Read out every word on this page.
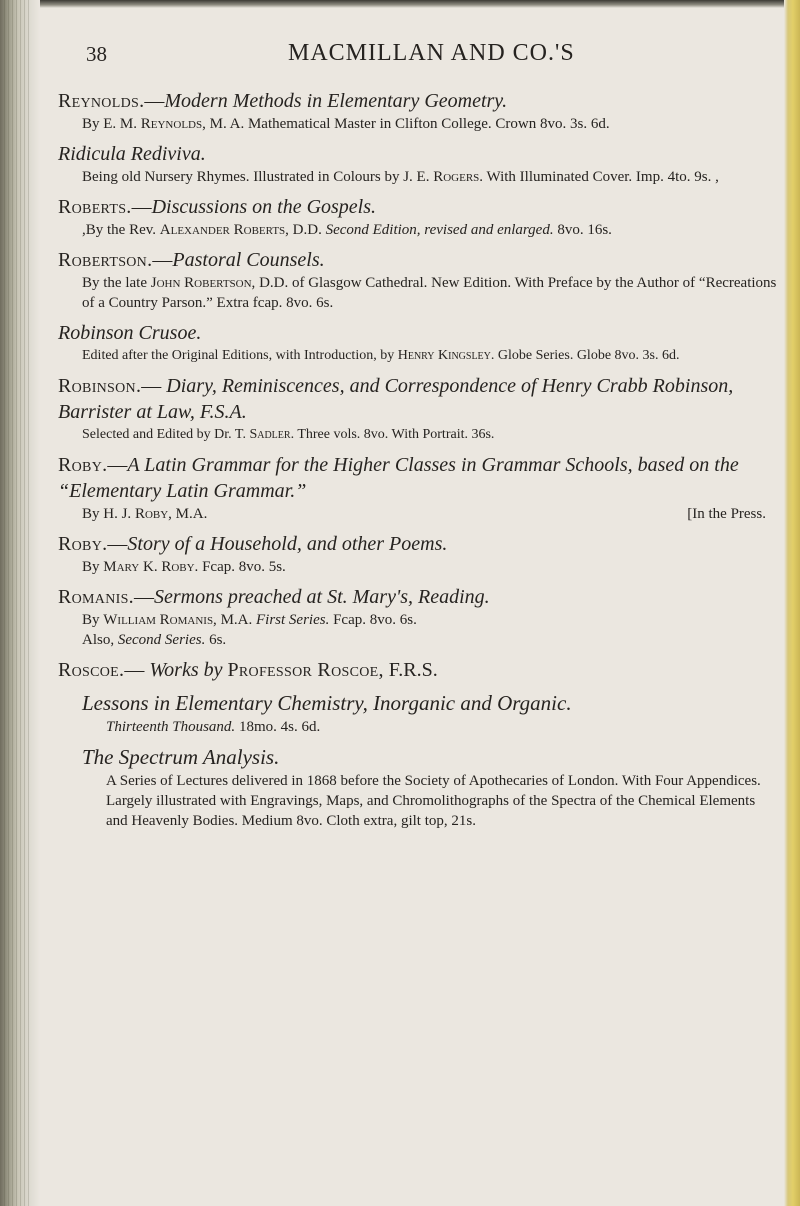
38	MACMILLAN AND CO.'S

Reynolds.—Modern Methods in Elementary Geometry.

By E. M. Reynolds, M. A. Mathematical Master in Clifton College. Crown 8vo. 3s. 6d.

Ridicula Rediviva.

Being old Nursery Rhymes. Illustrated in Colours by J. E. Rogers. With Illuminated Cover. Imp. 4to. 9s. ,

Roberts.—Discussions on the Gospels.

,By the Rev. Alexander Roberts, D.D. Second Edition, revised and enlarged. 8vo. 16s.

Robertson.—Pastoral Counsels.

By the late John Robertson, D.D. of Glasgow Cathedral. New Edition. With Preface by the Author of “Recreationѕ of a Country Parson.” Extra fcap. 8vo. 6s.

Robinson Crusoe.

Edited after the Original Editions, with Introduction, by Henry Kingsley. Globe Series. Globe 8vo. 3s. 6d.

Robinson.— Diary, Reminiscences, and Correspondence of Henry Crabb Robinson, Barrister at Law, F.S.A.

Selected and Edited by Dr. T. Sadler. Three vols. 8vo. With Portrait. 36s.

Roby.—A Latin Grammar for the Higher Classes in Grammar Schools, based on the “Elementary Latin Grammar.”

By H. J. Roby, M.A.	[In the Press.

Roby.—Story of a Household, and other Poems.

By Mary K. Roby. Fcap. 8vo. 5s.

Romanis.—Sermons preached at St. Mary's, Reading.

By William Romanis, M.A. First Series. Fcap. 8vo. 6s.
Also, Second Series. 6s.

Roscoe.— Works by Professor Roscoe, F.R.S.

Lessons in Elementary Chemistry, Inorganic and Organic.

Thirteenth Thousand. 18mo. 4s. 6d.

The Spectrum Analysis.

A Series of Lectures delivered in 1868 before the Society of Apothecaries of London. With Four Appendices. Largely illustrated with Engravings, Maps, and Chromolithographs of the Spectra of the Chemical Elements and Heavenly Bodies. Medium 8vo. Cloth extra, gilt top, 21s.
